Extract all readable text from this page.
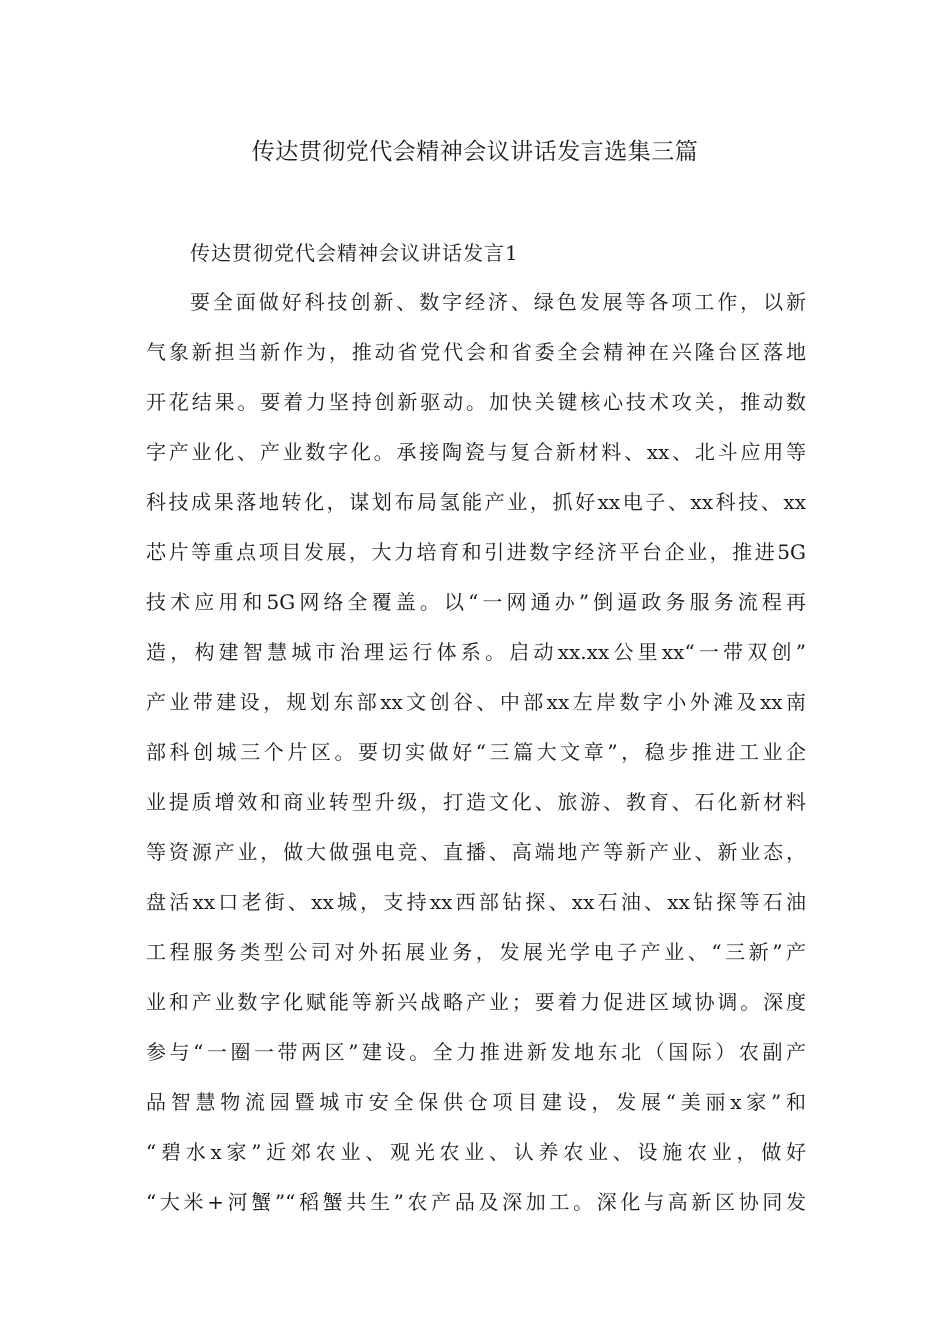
传达贯彻党代会精神会议讲话发言选集三篇
传达贯彻党代会精神会议讲话发言1
要全面做好科技创新、数字经济、绿色发展等各项工作，以新
气象新担当新作为，推动省党代会和省委全会精神在兴隆台区落地
开花结果。要着力坚持创新驱动。加快关键核心技术攻关，推动数
字产业化、产业数字化。承接陶瓷与复合新材料、xx、北斗应用等
科技成果落地转化，谋划布局氢能产业，抓好xx电子、xx科技、xx
芯片等重点项目发展，大力培育和引进数字经济平台企业，推进5G
技术应用和5G网络全覆盖。以“一网通办”倒逼政务服务流程再
造，构建智慧城市治理运行体系。启动xx.xx公里xx“一带双创”
产业带建设，规划东部xx文创谷、中部xx左岸数字小外滩及xx南
部科创城三个片区。要切实做好“三篇大文章”，稳步推进工业企
业提质增效和商业转型升级，打造文化、旅游、教育、石化新材料
等资源产业，做大做强电竞、直播、高端地产等新产业、新业态，
盘活xx口老街、xx城，支持xx西部钻探、xx石油、xx钻探等石油
工程服务类型公司对外拓展业务，发展光学电子产业、“三新”产
业和产业数字化赋能等新兴战略产业；要着力促进区域协调。深度
参与“一圈一带两区”建设。全力推进新发地东北（国际）农副产
品智慧物流园暨城市安全保供仓项目建设，发展“美丽x家”和
“碧水x家”近郊农业、观光农业、认养农业、设施农业，做好
“大米+河蟹”“稻蟹共生”农产品及深加工。深化与高新区协同发
